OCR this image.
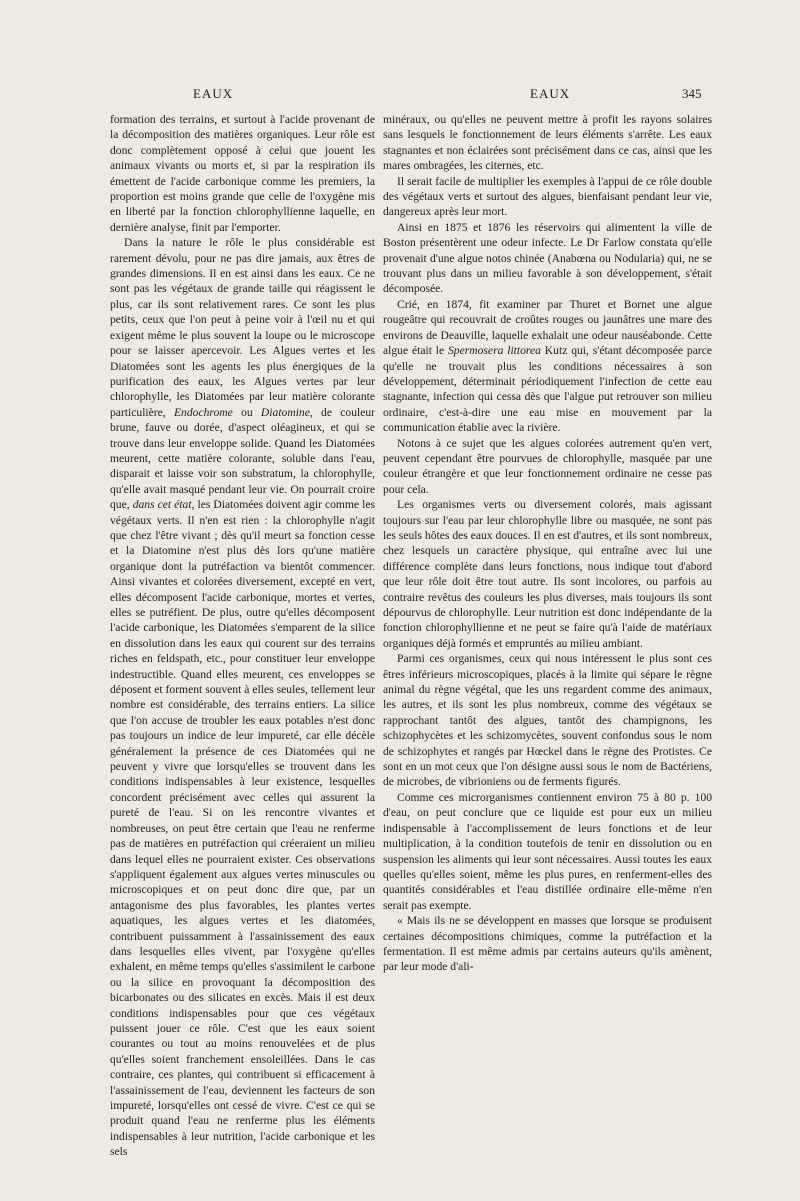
EAUX	EAUX	345

formation des terrains, et surtout à l'acide provenant de la décomposition des matières organiques. Leur rôle est donc complètement opposé à celui que jouent les animaux vivants ou morts et, si par la respiration ils émettent de l'acide carbonique comme les premiers, la proportion est moins grande que celle de l'oxygène mis en liberté par la fonction chlorophyllienne laquelle, en dernière analyse, finit par l'emporter.

Dans la nature le rôle le plus considérable est rarement dévolu, pour ne pas dire jamais, aux êtres de grandes dimensions. Il en est ainsi dans les eaux. Ce ne sont pas les végétaux de grande taille qui réagissent le plus, car ils sont relativement rares. Ce sont les plus petits, ceux que l'on peut à peine voir à l'œil nu et qui exigent même le plus souvent la loupe ou le microscope pour se laisser apercevoir. Les Algues vertes et les Diatomées sont les agents les plus énergiques de la purification des eaux, les Algues vertes par leur chlorophylle, les Diatomées par leur matière colorante particulière, Endochrome ou Diatomine, de couleur brune, fauve ou dorée, d'aspect oléagineux, et qui se trouve dans leur enveloppe solide. Quand les Diatomées meurent, cette matière colorante, soluble dans l'eau, disparait et laisse voir son substratum, la chlorophylle, qu'elle avait masqué pendant leur vie. On pourrait croire que, dans cet état, les Diatomées doivent agir comme les végétaux verts. Il n'en est rien : la chlorophylle n'agit que chez l'être vivant ; dès qu'il meurt sa fonction cesse et la Diatomine n'est plus dès lors qu'une matière organique dont la putréfaction va bientôt commencer. Ainsi vivantes et colorées diversement, excepté en vert, elles décomposent l'acide carbonique, mortes et vertes, elles se putréfient. De plus, outre qu'elles décomposent l'acide carbonique, les Diatomées s'emparent de la silice en dissolution dans les eaux qui courent sur des terrains riches en feldspath, etc., pour constituer leur enveloppe indestructible. Quand elles meurent, ces enveloppes se déposent et forment souvent à elles seules, tellement leur nombre est considérable, des terrains entiers. La silice que l'on accuse de troubler les eaux potables n'est donc pas toujours un indice de leur impureté, car elle décèle généralement la présence de ces Diatomées qui ne peuvent y vivre que lorsqu'elles se trouvent dans les conditions indispensables à leur existence, lesquelles concordent précisément avec celles qui assurent la pureté de l'eau. Si on les rencontre vivantes et nombreuses, on peut être certain que l'eau ne renferme pas de matières en putréfaction qui créeraient un milieu dans lequel elles ne pourraient exister. Ces observations s'appliquent également aux algues vertes minuscules ou microscopiques et on peut donc dire que, par un antagonisme des plus favorables, les plantes vertes aquatiques, les algues vertes et les diatomées, contribuent puissamment à l'assainissement des eaux dans lesquelles elles vivent, par l'oxygène qu'elles exhalent, en même temps qu'elles s'assimilent le carbone ou la silice en provoquant la décomposition des bicarbonates ou des silicates en excès. Mais il est deux conditions indispensables pour que ces végétaux puissent jouer ce rôle. C'est que les eaux soient courantes ou tout au moins renouvelées et de plus qu'elles soient franchement ensoleillées. Dans le cas contraire, ces plantes, qui contribuent si efficacement à l'assainissement de l'eau, deviennent les facteurs de son impureté, lorsqu'elles ont cessé de vivre. C'est ce qui se produit quand l'eau ne renferme plus les éléments indispensables à leur nutrition, l'acide carbonique et les sels

minéraux, ou qu'elles ne peuvent mettre à profit les rayons solaires sans lesquels le fonctionnement de leurs éléments s'arrête. Les eaux stagnantes et non éclairées sont précisément dans ce cas, ainsi que les mares ombragées, les citernes, etc.

Il serait facile de multiplier les exemples à l'appui de ce rôle double des végétaux verts et surtout des algues, bienfaisant pendant leur vie, dangereux après leur mort.

Ainsi en 1875 et 1876 les réservoirs qui alimentent la ville de Boston présentèrent une odeur infecte. Le Dr Farlow constata qu'elle provenait d'une algue notos chinée (Anabœna ou Nodularia) qui, ne se trouvant plus dans un milieu favorable à son développement, s'était décomposée.

Crié, en 1874, fit examiner par Thuret et Bornet une algue rougeâtre qui recouvrait de croûtes rouges ou jaunâtres une mare des environs de Deauville, laquelle exhalait une odeur nauséabonde. Cette algue était le Spermosera littorea Kutz qui, s'étant décomposée parce qu'elle ne trouvait plus les conditions nécessaires à son développement, déterminait périodiquement l'infection de cette eau stagnante, infection qui cessa dès que l'algue put retrouver son milieu ordinaire, c'est-à-dire une eau mise en mouvement par la communication établie avec la rivière.

Notons à ce sujet que les algues colorées autrement qu'en vert, peuvent cependant être pourvues de chlorophylle, masquée par une couleur étrangère et que leur fonctionnement ordinaire ne cesse pas pour cela.

Les organismes verts ou diversement colorés, mais agissant toujours sur l'eau par leur chlorophylle libre ou masquée, ne sont pas les seuls hôtes des eaux douces. Il en est d'autres, et ils sont nombreux, chez lesquels un caractère physique, qui entraîne avec lui une différence complète dans leurs fonctions, nous indique tout d'abord que leur rôle doit être tout autre. Ils sont incolores, ou parfois au contraire revêtus des couleurs les plus diverses, mais toujours ils sont dépourvus de chlorophylle. Leur nutrition est donc indépendante de la fonction chlorophyllienne et ne peut se faire qu'à l'aide de matériaux organiques déjà formés et empruntés au milieu ambiant.

Parmi ces organismes, ceux qui nous intéressent le plus sont ces êtres inférieurs microscopiques, placés à la limite qui sépare le règne animal du règne végétal, que les uns regardent comme des animaux, les autres, et ils sont les plus nombreux, comme des végétaux se rapprochant tantôt des algues, tantôt des champignons, les schizophycètes et les schizomycètes, souvent confondus sous le nom de schizophytes et rangés par Hœckel dans le règne des Protistes. Ce sont en un mot ceux que l'on désigne aussi sous le nom de Bactériens, de microbes, de vibrioniens ou de ferments figurés.

Comme ces microrganismes contiennent environ 75 à 80 p. 100 d'eau, on peut conclure que ce liquide est pour eux un milieu indispensable à l'accomplissement de leurs fonctions et de leur multiplication, à la condition toutefois de tenir en dissolution ou en suspension les aliments qui leur sont nécessaires. Aussi toutes les eaux quelles qu'elles soient, même les plus pures, en renferment-elles des quantités considérables et l'eau distillée ordinaire elle-même n'en serait pas exempte.

« Mais ils ne se développent en masses que lorsque se produisent certaines décompositions chimiques, comme la putréfaction et la fermentation. Il est même admis par certains auteurs qu'ils amènent, par leur mode d'ali-
